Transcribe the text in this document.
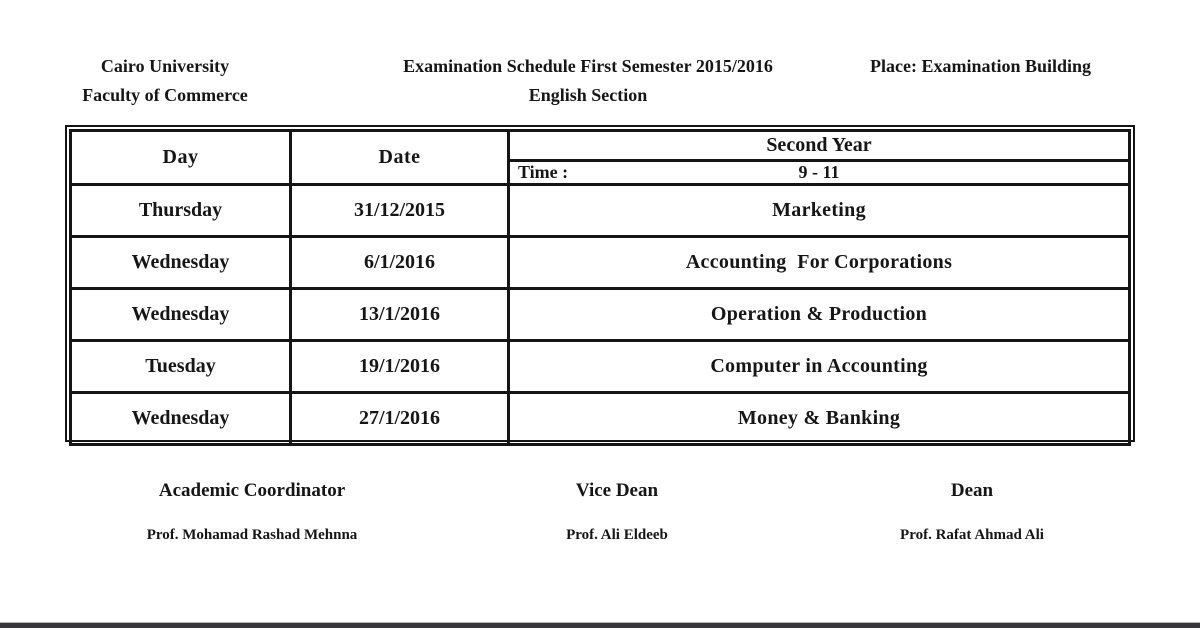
Cairo University
Faculty of Commerce
Examination Schedule First Semester 2015/2016
English Section
Place: Examination Building
Day	Date	Second Year

Time : 9 - 11
Thursday	31/12/2015	Marketing
Wednesday	6/1/2016	Accounting  For Corporations
Wednesday	13/1/2016	Operation & Production
Tuesday	19/1/2016	Computer in Accounting
Wednesday	27/1/2016	Money & Banking
Academic Coordinator
Prof. Mohamad Rashad Mehnna
Vice Dean
Prof. Ali Eldeeb
Dean
Prof. Rafat Ahmad Ali
